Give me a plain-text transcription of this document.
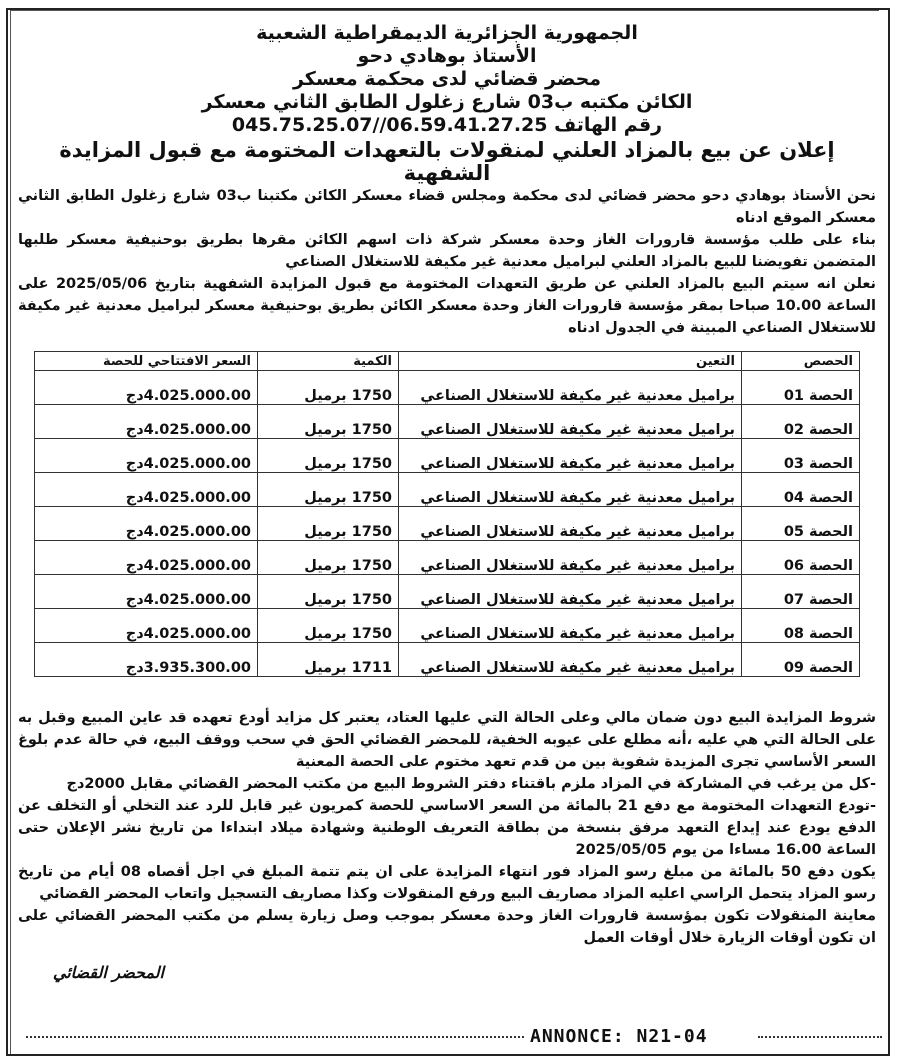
الجمهورية الجزائرية الديمقراطية الشعبية
الأستاذ بوهادي دحو
محضر قضائي لدى محكمة معسكر
الكائن مكتبه ب03 شارع زغلول الطابق الثاني معسكر
رقم الهاتف 045.75.25.07//06.59.41.27.25
إعلان عن بيع بالمزاد العلني لمنقولات بالتعهدات المختومة مع قبول المزايدة الشفهية
نحن الأستاذ بوهادي دحو محضر قضائي لدى محكمة ومجلس قضاء معسكر الكائن مكتبنا ب03 شارع زغلول الطابق الثاني معسكر الموقع ادناه
بناء على طلب مؤسسة قارورات الغاز وحدة معسكر شركة ذات اسهم الكائن مقرها بطريق بوحنيفية معسكر طلبها المتضمن تفويضنا للبيع بالمزاد العلني لبراميل معدنية غير مكيفة للاستغلال الصناعي
نعلن انه سيتم البيع بالمزاد العلني عن طريق التعهدات المختومة مع قبول المزايدة الشفهية بتاريخ 2025/05/06 على الساعة 10.00 صباحا بمقر مؤسسة قارورات الغاز وحدة معسكر الكائن بطريق بوحنيفية معسكر لبراميل معدنية غير مكيفة للاستغلال الصناعي المبينة في الجدول ادناه
الحصص	التعين	الكمية	السعر الافتتاحي للحصة
الحصة 01	براميل معدنية غير مكيفة للاستغلال الصناعي	1750 برميل	4.025.000.00دج
الحصة 02	براميل معدنية غير مكيفة للاستغلال الصناعي	1750 برميل	4.025.000.00دج
الحصة 03	براميل معدنية غير مكيفة للاستغلال الصناعي	1750 برميل	4.025.000.00دج
الحصة 04	براميل معدنية غير مكيفة للاستغلال الصناعي	1750 برميل	4.025.000.00دج
الحصة 05	براميل معدنية غير مكيفة للاستغلال الصناعي	1750 برميل	4.025.000.00دج
الحصة 06	براميل معدنية غير مكيفة للاستغلال الصناعي	1750 برميل	4.025.000.00دج
الحصة 07	براميل معدنية غير مكيفة للاستغلال الصناعي	1750 برميل	4.025.000.00دج
الحصة 08	براميل معدنية غير مكيفة للاستغلال الصناعي	1750 برميل	4.025.000.00دج
الحصة 09	براميل معدنية غير مكيفة للاستغلال الصناعي	1711 برميل	3.935.300.00دج
شروط المزايدة البيع دون ضمان مالي وعلى الحالة التي عليها العتاد، يعتبر كل مزايد أودع تعهده قد عاين المبيع وقبل به على الحالة التي هي عليه ،أنه مطلع على عيوبه الخفية، للمحضر القضائي الحق في سحب ووقف البيع، في حالة عدم بلوغ السعر الأساسي تجرى المزيدة شفوية بين من قدم تعهد مختوم على الحصة المعنية
-كل من يرغب في المشاركة في المزاد ملزم باقتناء دفتر الشروط البيع من مكتب المحضر القضائي مقابل 2000دج
-تودع التعهدات المختومة مع دفع 21 بالمائة من السعر الاساسي للحصة كمريون غير قابل للرد عند التخلي أو التخلف عن الدفع يودع عند إيداع التعهد مرفق بنسخة من بطاقة التعريف الوطنية وشهادة ميلاد ابتداءا من تاريخ نشر الإعلان حتى الساعة 16.00 مساءا من يوم 2025/05/05
يكون دفع 50 بالمائة من مبلغ رسو المزاد فور انتهاء المزايدة على ان يتم تتمة المبلغ في اجل أقصاه 08 أيام من تاريخ رسو المزاد يتحمل الراسي اعليه المزاد مصاريف البيع ورفع المنقولات وكذا مصاريف التسجيل واتعاب المحضر القضائي
معاينة المنقولات تكون بمؤسسة قارورات الغاز وحدة معسكر بموجب وصل زيارة يسلم من مكتب المحضر القضائي على ان تكون أوقات الزيارة خلال أوقات العمل
المحضر القضائي
ANNONCE: N21-04
